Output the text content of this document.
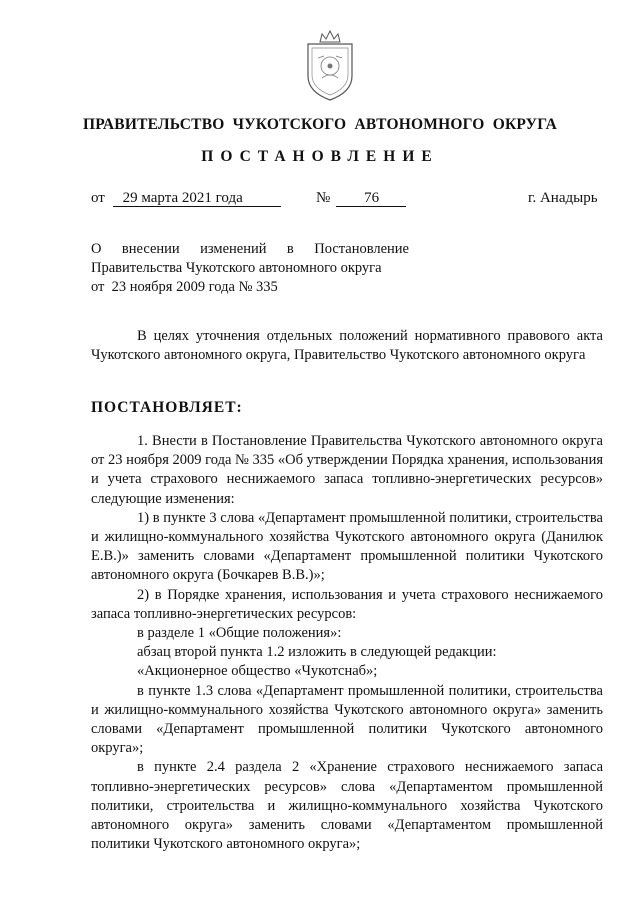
ПРАВИТЕЛЬСТВО  ЧУКОТСКОГО  АВТОНОМНОГО  ОКРУГА
ПОСТАНОВЛЕНИЕ
от 29 марта 2021 года	№ 76	г. Анадырь
О внесении изменений в Постановление
Правительства Чукотского автономного округа
от  23 ноября 2009 года № 335

В целях уточнения отдельных положений нормативного правового акта Чукотского автономного округа, Правительство Чукотского автономного округа

ПОСТАНОВЛЯЕТ:

1. Внести в Постановление Правительства Чукотского автономного округа от 23 ноября 2009 года № 335 «Об утверждении Порядка хранения, использования и учета страхового неснижаемого запаса топливно-энергетических ресурсов» следующие изменения:

1) в пункте 3 слова «Департамент промышленной политики, строительства и жилищно-коммунального хозяйства Чукотского автономного округа (Данилюк Е.В.)» заменить словами «Департамент промышленной политики Чукотского автономного округа (Бочкарев В.В.)»;

2) в Порядке хранения, использования и учета страхового неснижаемого запаса топливно-энергетических ресурсов:

в разделе 1 «Общие положения»:

абзац второй пункта 1.2 изложить в следующей редакции:

«Акционерное общество «Чукотснаб»;

в пункте 1.3 слова «Департамент промышленной политики, строительства и жилищно-коммунального хозяйства Чукотского автономного округа» заменить словами «Департамент промышленной политики Чукотского автономного округа»;

в пункте 2.4 раздела 2 «Хранение страхового неснижаемого запаса топливно-энергетических ресурсов» слова «Департаментом промышленной политики, строительства и жилищно-коммунального хозяйства Чукотского автономного округа» заменить словами «Департаментом промышленной политики Чукотского автономного округа»;
